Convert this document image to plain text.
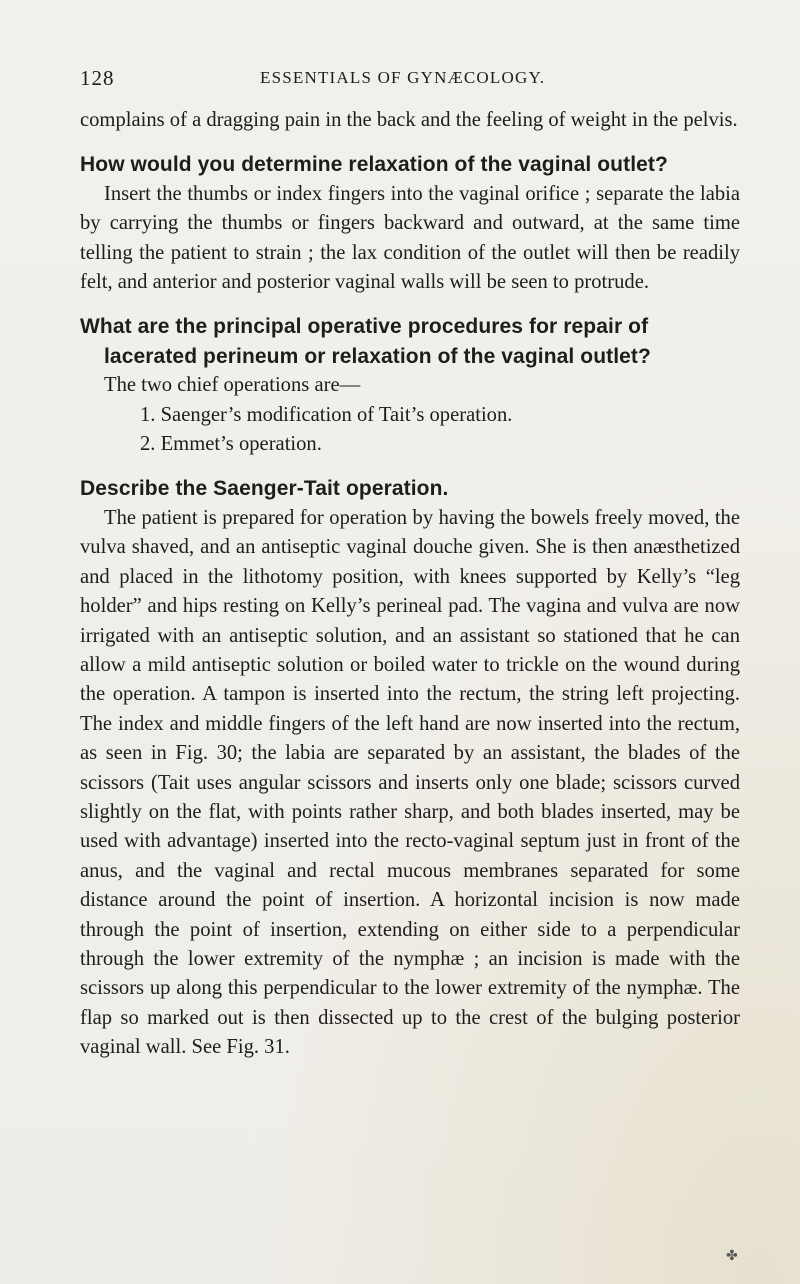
128	ESSENTIALS OF GYNÆCOLOGY.

complains of a dragging pain in the back and the feeling of weight in the pelvis.

How would you determine relaxation of the vaginal outlet?

Insert the thumbs or index fingers into the vaginal orifice ; separate the labia by carrying the thumbs or fingers backward and outward, at the same time telling the patient to strain ; the lax condition of the outlet will then be readily felt, and anterior and posterior vaginal walls will be seen to protrude.

What are the principal operative procedures for repair of lacerated perineum or relaxation of the vaginal outlet?

The two chief operations are—

1. Saenger’s modification of Tait’s operation.

2. Emmet’s operation.

Describe the Saenger-Tait operation.

The patient is prepared for operation by having the bowels freely moved, the vulva shaved, and an antiseptic vaginal douche given. She is then anæsthetized and placed in the lithotomy position, with knees supported by Kelly’s “leg holder” and hips resting on Kelly’s perineal pad. The vagina and vulva are now irrigated with an antiseptic solution, and an assistant so stationed that he can allow a mild antiseptic solution or boiled water to trickle on the wound during the operation. A tampon is inserted into the rectum, the string left projecting. The index and middle fingers of the left hand are now inserted into the rectum, as seen in Fig. 30; the labia are separated by an assistant, the blades of the scissors (Tait uses angular scissors and inserts only one blade; scissors curved slightly on the flat, with points rather sharp, and both blades inserted, may be used with advantage) inserted into the recto-vaginal septum just in front of the anus, and the vaginal and rectal mucous membranes separated for some distance around the point of insertion. A horizontal incision is now made through the point of insertion, extending on either side to a perpendicular through the lower extremity of the nymphæ ; an incision is made with the scissors up along this perpendicular to the lower extremity of the nymphæ. The flap so marked out is then dissected up to the crest of the bulging posterior vaginal wall. See Fig. 31.

✤
